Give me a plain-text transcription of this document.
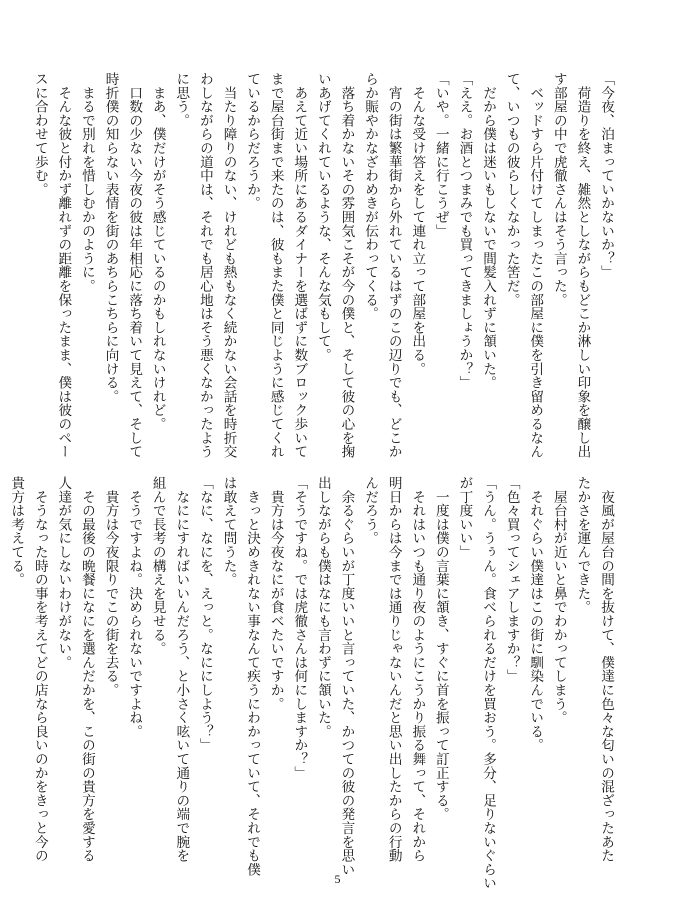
「今夜、泊まっていかないか？」
　荷造りを終え、雑然としながらもどこか淋しい印象を醸し出
す部屋の中で虎徹さんはそう言った。
　ベッドすら片付けてしまったこの部屋に僕を引き留めるなん
て、いつもの彼らしくなかった筈だ。
　だから僕は迷いもしないで間髪入れずに頷いた。
「ええ。お酒とつまみでも買ってきましょうか？」
「いや。一緒に行こうぜ」
　そんな受け答えをして連れ立って部屋を出る。
　宵の街は繁華街から外れているはずのこの辺りでも、どこか
らか賑やかなざわめきが伝わってくる。
　落ち着かないその雰囲気こそが今の僕と、そして彼の心を掬
いあげてくれているような、そんな気もして。
　あえて近い場所にあるダイナーを選ばずに数ブロック歩いて
まで屋台街まで来たのは、彼もまた僕と同じように感じてくれ
ているからだろうか。
　当たり障りのない、けれども熱もなく続かない会話を時折交
わしながらの道中は、それでも居心地はそう悪くなかったよう
に思う。
　まあ、僕だけがそう感じているのかもしれないけれど。
　口数の少ない今夜の彼は年相応に落ち着いて見えて、そして
時折僕の知らない表情を街のあちらこちらに向ける。
　まるで別れを惜しむかのように。
　そんな彼と付かず離れずの距離を保ったまま、僕は彼のペー
スに合わせて歩む。
　夜風が屋台の間を抜けて、僕達に色々な匂いの混ざったあた
たかさを運んできた。
　屋台村が近いと鼻でわかってしまう。
　それぐらい僕達はこの街に馴染んでいる。
「色々買ってシェアしますか？」
「うん。うぅん。食べられるだけを買おう。多分、足りないぐらい
が丁度いい」
　一度は僕の言葉に頷き、すぐに首を振って訂正する。
　それはいつも通り夜のようにこうかり振る舞って、それから
明日からは今までは通りじゃないんだと思い出したからの行動
んだろう。
　余るぐらいが丁度いいと言っていた、かつての彼の発言を思い
出しながらも僕はなにも言わずに頷いた。
「そうですね。では虎徹さんは何にしますか？」
　貴方は今夜なにが食べたいですか。
　きっと決めきれない事なんて疾うにわかっていて、それでも僕
は敢えて問うた。
「なに、なにを、えっと。なににしよう？」
　なににすればいいんだろう、と小さく呟いて通りの端で腕を
組んで長考の構えを見せる。
　そうですよね。決められないですよね。
　貴方は今夜限りでこの街を去る。
　その最後の晩餐になにを選んだかを、この街の貴方を愛する
人達が気にしないわけがない。
　そうなった時の事を考えてどの店なら良いのかをきっと今の
貴方は考えてる。
5
